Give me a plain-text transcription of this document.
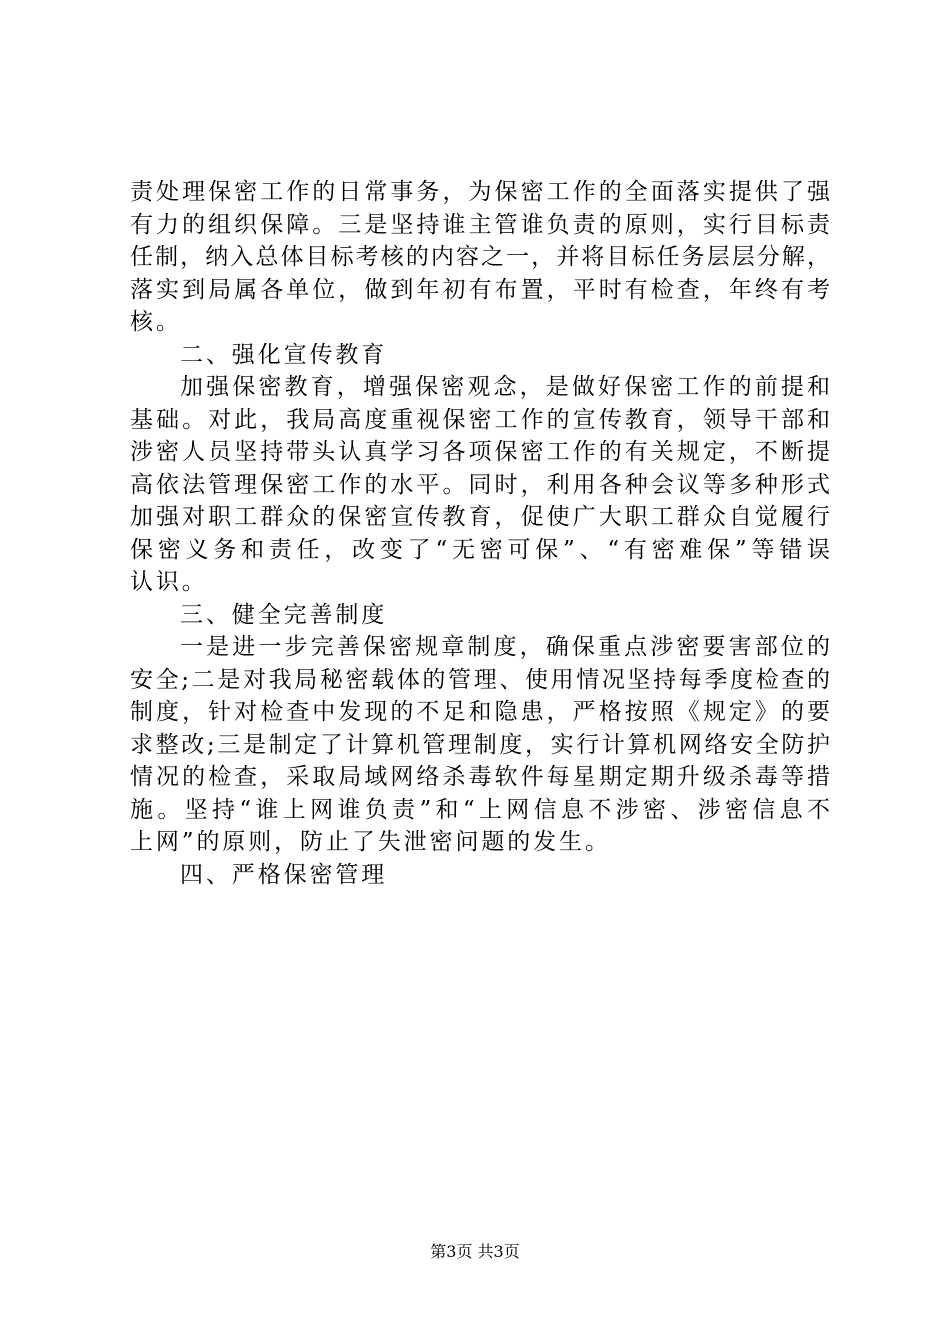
责处理保密工作的日常事务，为保密工作的全面落实提供了强
有力的组织保障。三是坚持谁主管谁负责的原则，实行目标责
任制，纳入总体目标考核的内容之一，并将目标任务层层分解，
落实到局属各单位，做到年初有布置，平时有检查，年终有考
核。
二、强化宣传教育
加强保密教育，增强保密观念，是做好保密工作的前提和
基础。对此，我局高度重视保密工作的宣传教育，领导干部和
涉密人员坚持带头认真学习各项保密工作的有关规定，不断提
高依法管理保密工作的水平。同时，利用各种会议等多种形式
加强对职工群众的保密宣传教育，促使广大职工群众自觉履行
保密义务和责任，改变了“无密可保”、“有密难保”等错误
认识。
三、健全完善制度
一是进一步完善保密规章制度，确保重点涉密要害部位的
安全;二是对我局秘密载体的管理、使用情况坚持每季度检查的
制度，针对检查中发现的不足和隐患，严格按照《规定》的要
求整改;三是制定了计算机管理制度，实行计算机网络安全防护
情况的检查，采取局域网络杀毒软件每星期定期升级杀毒等措
施。坚持“谁上网谁负责”和“上网信息不涉密、涉密信息不
上网”的原则，防止了失泄密问题的发生。
四、严格保密管理
第3页 共3页
